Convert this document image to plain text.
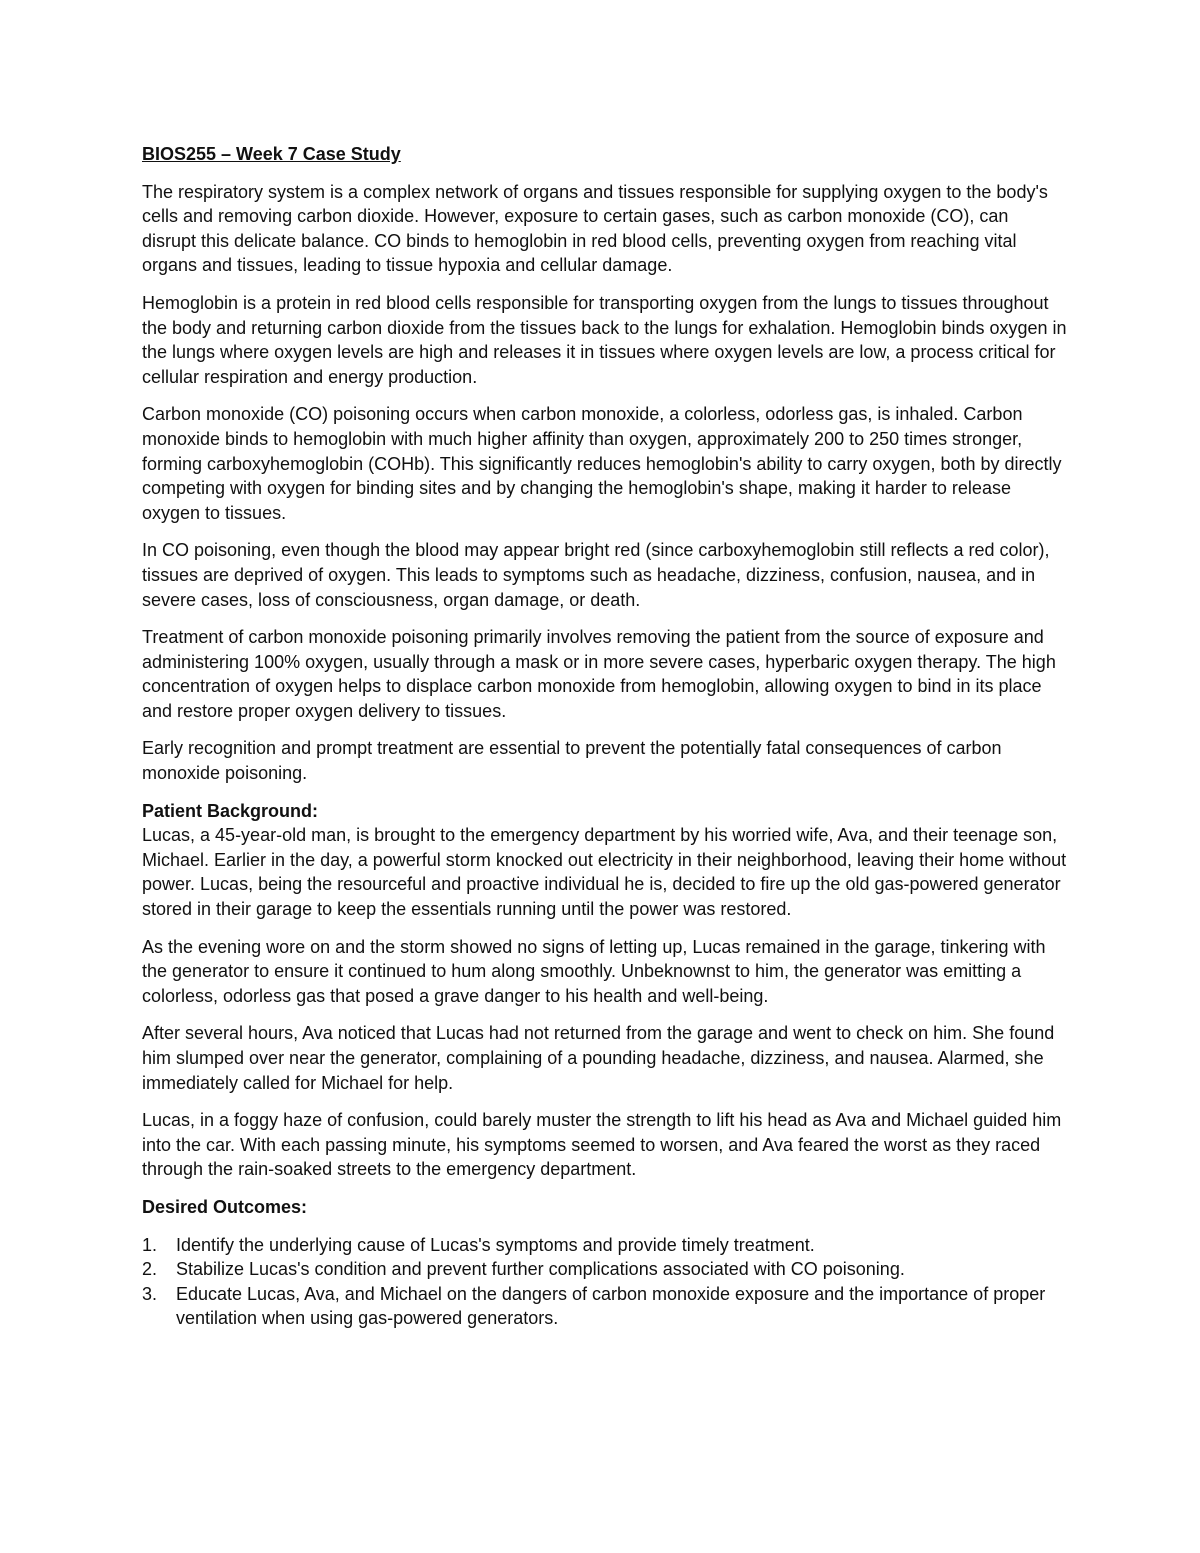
BIOS255 – Week 7 Case Study

The respiratory system is a complex network of organs and tissues responsible for supplying oxygen to the body's cells and removing carbon dioxide. However, exposure to certain gases, such as carbon monoxide (CO), can disrupt this delicate balance. CO binds to hemoglobin in red blood cells, preventing oxygen from reaching vital organs and tissues, leading to tissue hypoxia and cellular damage.

Hemoglobin is a protein in red blood cells responsible for transporting oxygen from the lungs to tissues throughout the body and returning carbon dioxide from the tissues back to the lungs for exhalation. Hemoglobin binds oxygen in the lungs where oxygen levels are high and releases it in tissues where oxygen levels are low, a process critical for cellular respiration and energy production.

Carbon monoxide (CO) poisoning occurs when carbon monoxide, a colorless, odorless gas, is inhaled. Carbon monoxide binds to hemoglobin with much higher affinity than oxygen, approximately 200 to 250 times stronger, forming carboxyhemoglobin (COHb). This significantly reduces hemoglobin's ability to carry oxygen, both by directly competing with oxygen for binding sites and by changing the hemoglobin's shape, making it harder to release oxygen to tissues.

In CO poisoning, even though the blood may appear bright red (since carboxyhemoglobin still reflects a red color), tissues are deprived of oxygen. This leads to symptoms such as headache, dizziness, confusion, nausea, and in severe cases, loss of consciousness, organ damage, or death.

Treatment of carbon monoxide poisoning primarily involves removing the patient from the source of exposure and administering 100% oxygen, usually through a mask or in more severe cases, hyperbaric oxygen therapy. The high concentration of oxygen helps to displace carbon monoxide from hemoglobin, allowing oxygen to bind in its place and restore proper oxygen delivery to tissues.

Early recognition and prompt treatment are essential to prevent the potentially fatal consequences of carbon monoxide poisoning.

Patient Background:

Lucas, a 45-year-old man, is brought to the emergency department by his worried wife, Ava, and their teenage son, Michael. Earlier in the day, a powerful storm knocked out electricity in their neighborhood, leaving their home without power. Lucas, being the resourceful and proactive individual he is, decided to fire up the old gas-powered generator stored in their garage to keep the essentials running until the power was restored.

As the evening wore on and the storm showed no signs of letting up, Lucas remained in the garage, tinkering with the generator to ensure it continued to hum along smoothly. Unbeknownst to him, the generator was emitting a colorless, odorless gas that posed a grave danger to his health and well-being.

After several hours, Ava noticed that Lucas had not returned from the garage and went to check on him. She found him slumped over near the generator, complaining of a pounding headache, dizziness, and nausea. Alarmed, she immediately called for Michael for help.

Lucas, in a foggy haze of confusion, could barely muster the strength to lift his head as Ava and Michael guided him into the car. With each passing minute, his symptoms seemed to worsen, and Ava feared the worst as they raced through the rain-soaked streets to the emergency department.

Desired Outcomes:
1. Identify the underlying cause of Lucas's symptoms and provide timely treatment.
2. Stabilize Lucas's condition and prevent further complications associated with CO poisoning.
3. Educate Lucas, Ava, and Michael on the dangers of carbon monoxide exposure and the importance of proper ventilation when using gas-powered generators.
